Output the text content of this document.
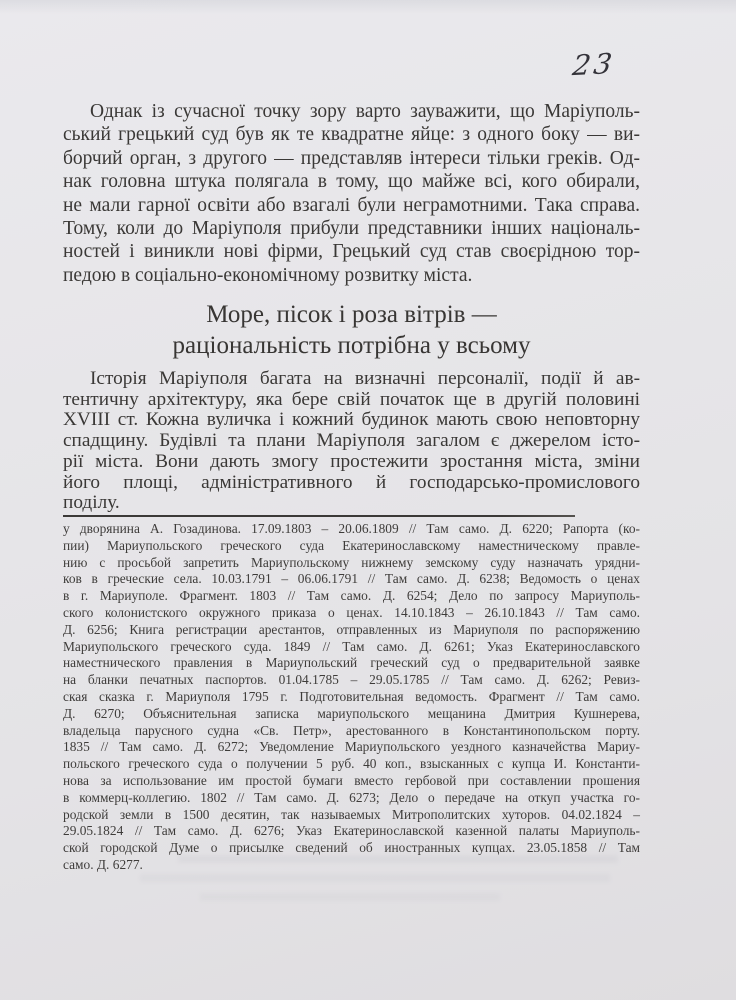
23
Однак із сучасної точку зору варто зауважити, що Маріуполь-
ський грецький суд був як те квадратне яйце: з одного боку — ви-
борчий орган, з другого — представляв інтереси тільки греків. Од-
нак головна штука полягала в тому, що майже всі, кого обирали,
не мали гарної освіти або взагалі були неграмотними. Така справа.
Тому, коли до Маріуполя прибули представники інших національ-
ностей і виникли нові фірми, Грецький суд став своєрідною тор-
педою в соціально-економічному розвитку міста.
Море, пісок і роза вітрів —
раціональність потрібна у всьому
Історія Маріуполя багата на визначні персоналії, події й ав-
тентичну архітектуру, яка бере свій початок ще в другій половині
XVIII ст. Кожна вуличка і кожний будинок мають свою неповторну
спадщину. Будівлі та плани Маріуполя загалом є джерелом істо-
рії міста. Вони дають змогу простежити зростання міста, зміни
його площі, адміністративного й господарсько-промислового
поділу.
у дворянина А. Гозадинова. 17.09.1803 – 20.06.1809 // Там само. Д. 6220; Рапорта (ко-
пии) Мариупольского греческого суда Екатеринославскому наместническому правле-
нию с просьбой запретить Мариупольскому нижнему земскому суду назначать урядни-
ков в греческие села. 10.03.1791 – 06.06.1791 // Там само. Д. 6238; Ведомость о ценах
в г. Мариуполе. Фрагмент. 1803 // Там само. Д. 6254; Дело по запросу Мариуполь-
ского колонистского окружного приказа о ценах. 14.10.1843 – 26.10.1843 // Там само.
Д. 6256; Книга регистрации арестантов, отправленных из Мариуполя по распоряжению
Мариупольского греческого суда. 1849 // Там само. Д. 6261; Указ Екатеринославского
наместнического правления в Мариупольский греческий суд о предварительной заявке
на бланки печатных паспортов. 01.04.1785 – 29.05.1785 // Там само. Д. 6262; Ревиз-
ская сказка г. Мариуполя 1795 г. Подготовительная ведомость. Фрагмент // Там само.
Д. 6270; Объяснительная записка мариупольского мещанина Дмитрия Кушнерева,
владельца парусного судна «Св. Петр», арестованного в Константинопольском порту.
1835 // Там само. Д. 6272; Уведомление Мариупольского уездного казначейства Мариу-
польского греческого суда о получении 5 руб. 40 коп., взысканных с купца И. Константи-
нова за использование им простой бумаги вместо гербовой при составлении прошения
в коммерц-коллегию. 1802 // Там само. Д. 6273; Дело о передаче на откуп участка го-
родской земли в 1500 десятин, так называемых Митрополитских хуторов. 04.02.1824 –
29.05.1824 // Там само. Д. 6276; Указ Екатеринославской казенной палаты Мариуполь-
ской городской Думе о присылке сведений об иностранных купцах. 23.05.1858 // Там
само. Д. 6277.
